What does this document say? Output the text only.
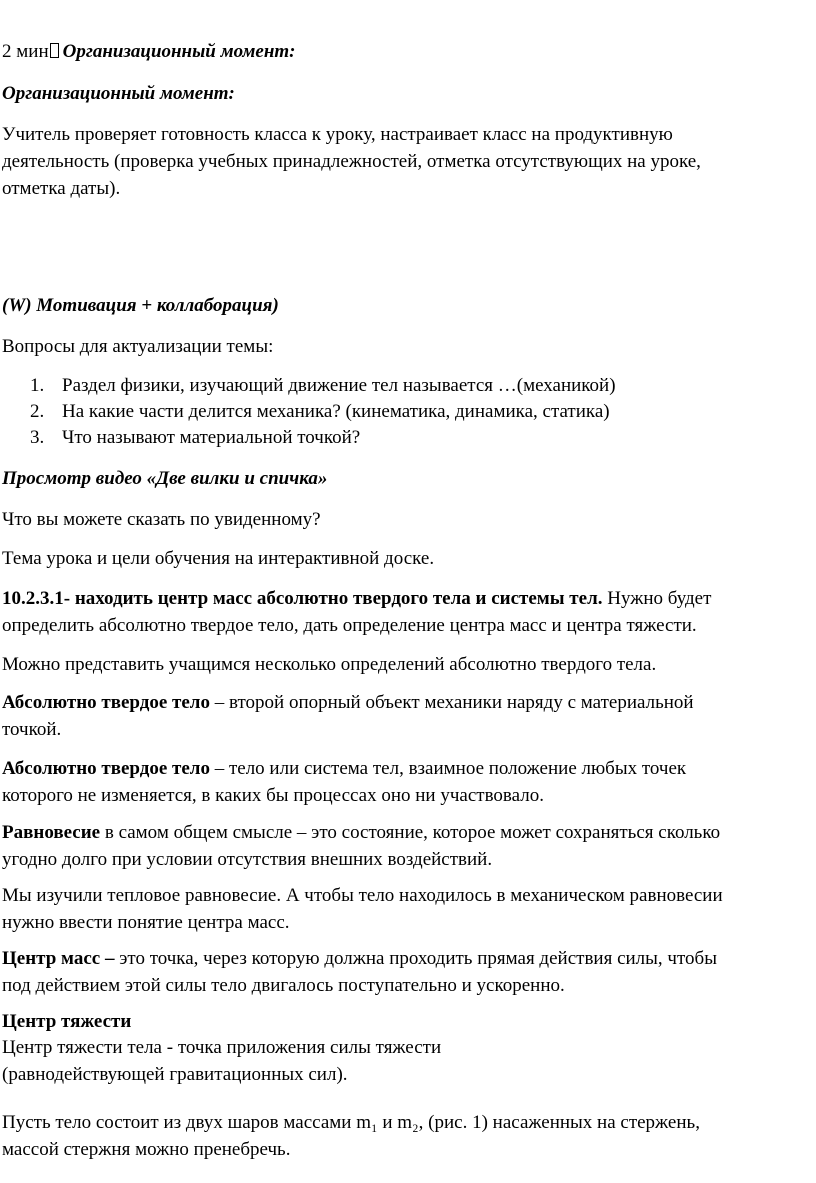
2 мин Организационный момент:
Организационный момент:
Учитель проверяет готовность класса к уроку, настраивает класс на продуктивную
деятельность (проверка учебных принадлежностей, отметка отсутствующих на уроке,
отметка даты).
(W) Мотивация + коллаборация)
Вопросы для актуализации темы:
1. Раздел физики, изучающий движение тел называется …(механикой)
2. На какие части делится механика? (кинематика, динамика, статика)
3. Что называют материальной точкой?
Просмотр видео «Две вилки и спичка»
Что вы можете сказать по увиденному?
Тема урока и цели обучения на интерактивной доске.
10.2.3.1- находить центр масс абсолютно твердого тела и системы тел. Нужно будет
определить абсолютно твердое тело, дать определение центра масс и центра тяжести.
Можно представить учащимся несколько определений абсолютно твердого тела.
Абсолютно твердое тело – второй опорный объект механики наряду с материальной
точкой.
Абсолютно твердое тело – тело или система тел, взаимное положение любых точек
которого не изменяется, в каких бы процессах оно ни участвовало.
Равновесие в самом общем смысле – это состояние, которое может сохраняться сколько
угодно долго при условии отсутствия внешних воздействий.
Мы изучили тепловое равновесие. А чтобы тело находилось в механическом равновесии
нужно ввести понятие центра масс.
Центр масс – это точка, через которую должна проходить прямая действия силы, чтобы
под действием этой силы тело двигалось поступательно и ускоренно.
Центр тяжести
Центр тяжести тела - точка приложения силы тяжести
(равнодействующей гравитационных сил).
Пусть тело состоит из двух шаров массами m₁ и m₂, (рис. 1) насаженных на стержень,
массой стержня можно пренебречь.
